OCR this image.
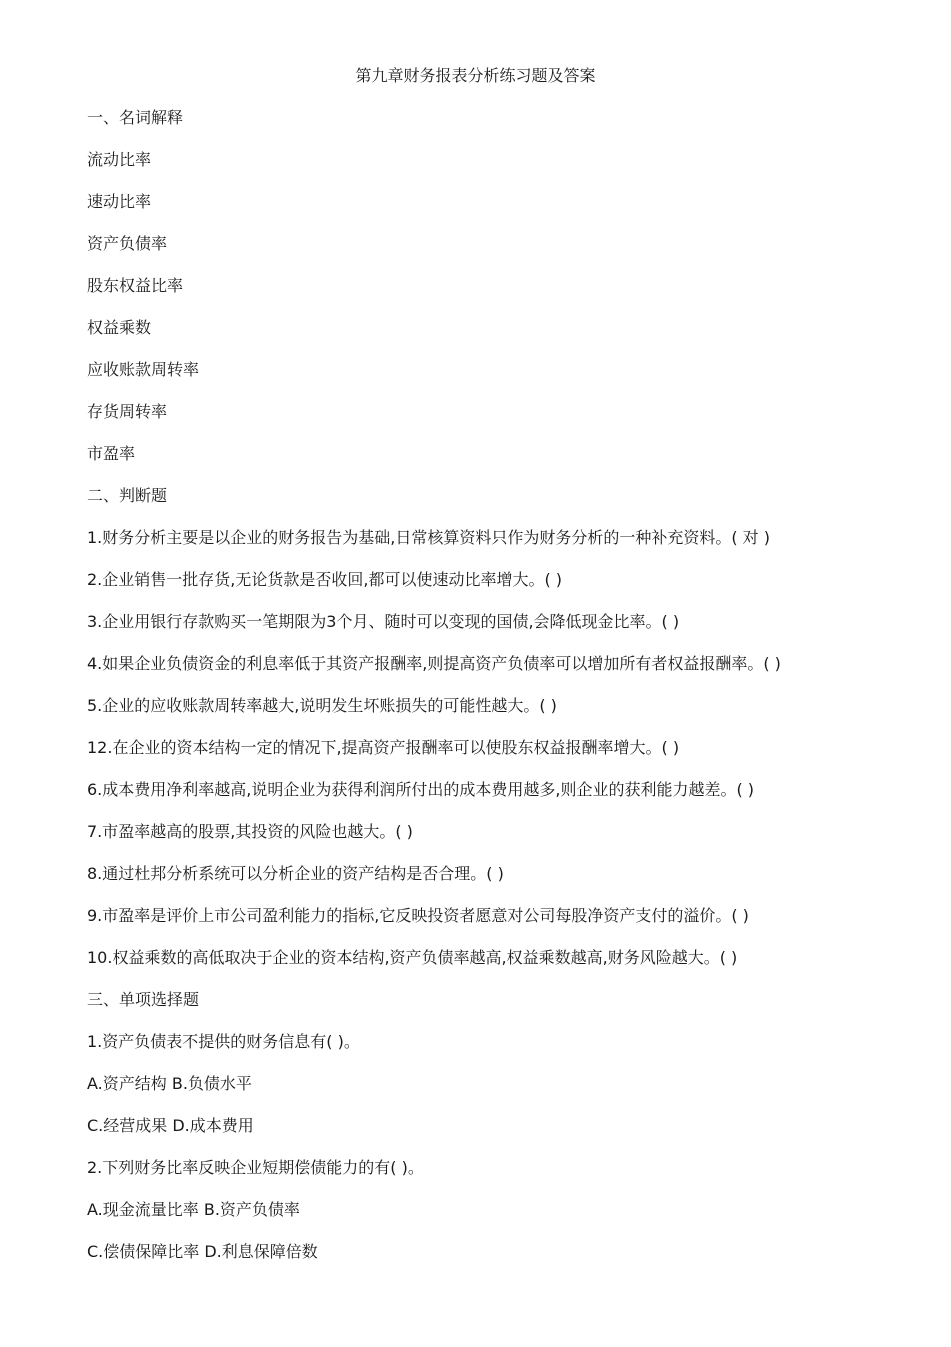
第九章财务报表分析练习题及答案
一、名词解释
流动比率
速动比率
资产负债率
股东权益比率
权益乘数
应收账款周转率
存货周转率
市盈率
二、判断题
1.财务分析主要是以企业的财务报告为基础,日常核算资料只作为财务分析的一种补充资料。( 对 )
2.企业销售一批存货,无论货款是否收回,都可以使速动比率增大。( )
3.企业用银行存款购买一笔期限为3个月、随时可以变现的国债,会降低现金比率。( )
4.如果企业负债资金的利息率低于其资产报酬率,则提高资产负债率可以增加所有者权益报酬率。( )
5.企业的应收账款周转率越大,说明发生坏账损失的可能性越大。( )
12.在企业的资本结构一定的情况下,提高资产报酬率可以使股东权益报酬率增大。( )
6.成本费用净利率越高,说明企业为获得利润所付出的成本费用越多,则企业的获利能力越差。( )
7.市盈率越高的股票,其投资的风险也越大。( )
8.通过杜邦分析系统可以分析企业的资产结构是否合理。( )
9.市盈率是评价上市公司盈利能力的指标,它反映投资者愿意对公司每股净资产支付的溢价。( )
10.权益乘数的高低取决于企业的资本结构,资产负债率越高,权益乘数越高,财务风险越大。( )
三、单项选择题
1.资产负债表不提供的财务信息有( )。
A.资产结构 B.负债水平
C.经营成果 D.成本费用
2.下列财务比率反映企业短期偿债能力的有( )。
A.现金流量比率 B.资产负债率
C.偿债保障比率 D.利息保障倍数
